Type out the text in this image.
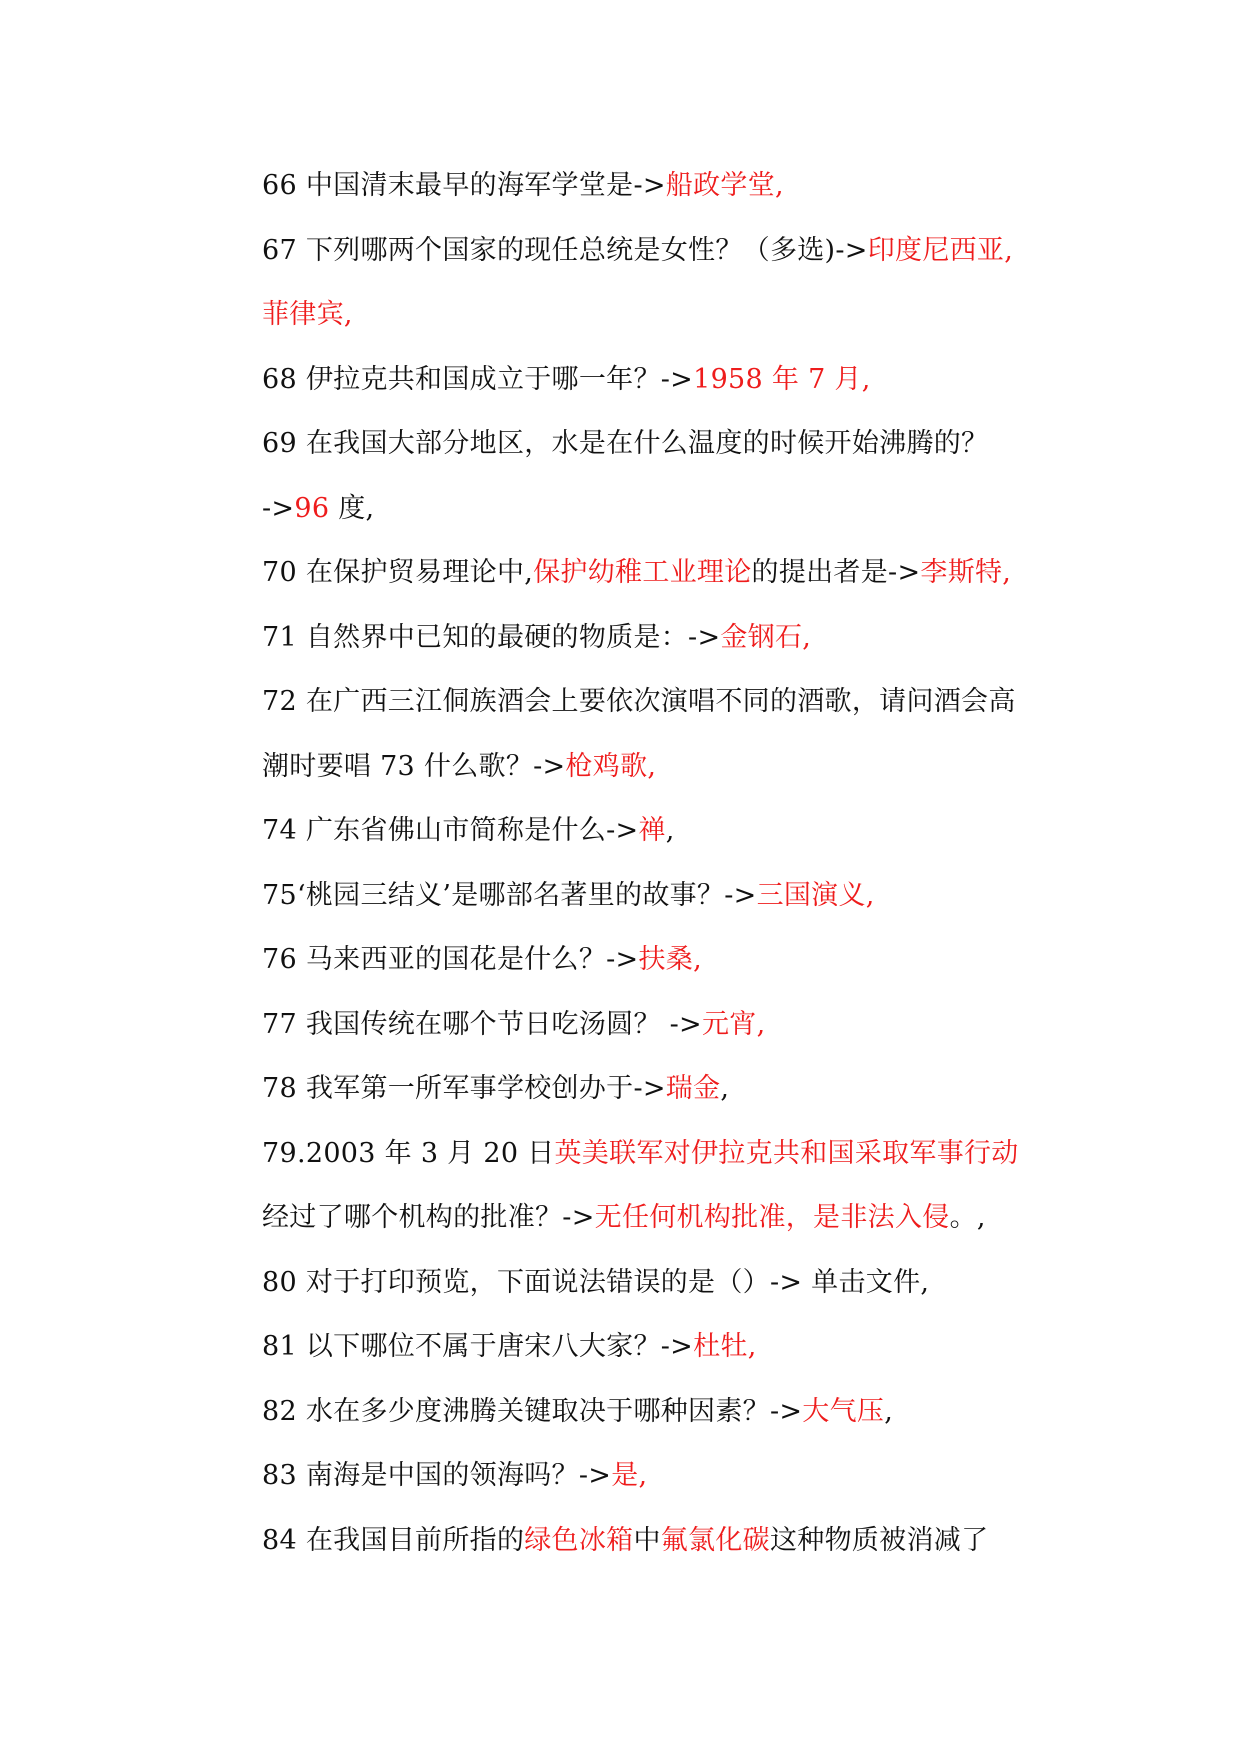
66 中国清末最早的海军学堂是->船政学堂,
67 下列哪两个国家的现任总统是女性？（多选)->印度尼西亚,
菲律宾,
68 伊拉克共和国成立于哪一年？->1958 年 7 月,
69 在我国大部分地区，水是在什么温度的时候开始沸腾的？
->96 度,
70 在保护贸易理论中,保护幼稚工业理论的提出者是->李斯特,
71 自然界中已知的最硬的物质是：->金钢石,
72 在广西三江侗族酒会上要依次演唱不同的酒歌，请问酒会高
潮时要唱 73 什么歌？->枪鸡歌,
74 广东省佛山市简称是什么->禅,
75‘桃园三结义’是哪部名著里的故事？->三国演义,
76 马来西亚的国花是什么？->扶桑,
77 我国传统在哪个节日吃汤圆？ ->元宵,
78 我军第一所军事学校创办于->瑞金,
79.2003 年 3 月 20 日英美联军对伊拉克共和国采取军事行动
经过了哪个机构的批准？->无任何机构批准，是非法入侵。,
80 对于打印预览，下面说法错误的是（）-> 单击文件,
81 以下哪位不属于唐宋八大家？->杜牡,
82 水在多少度沸腾关键取决于哪种因素？->大气压,
83 南海是中国的领海吗？->是,
84 在我国目前所指的绿色冰箱中氟氯化碳这种物质被消减了
